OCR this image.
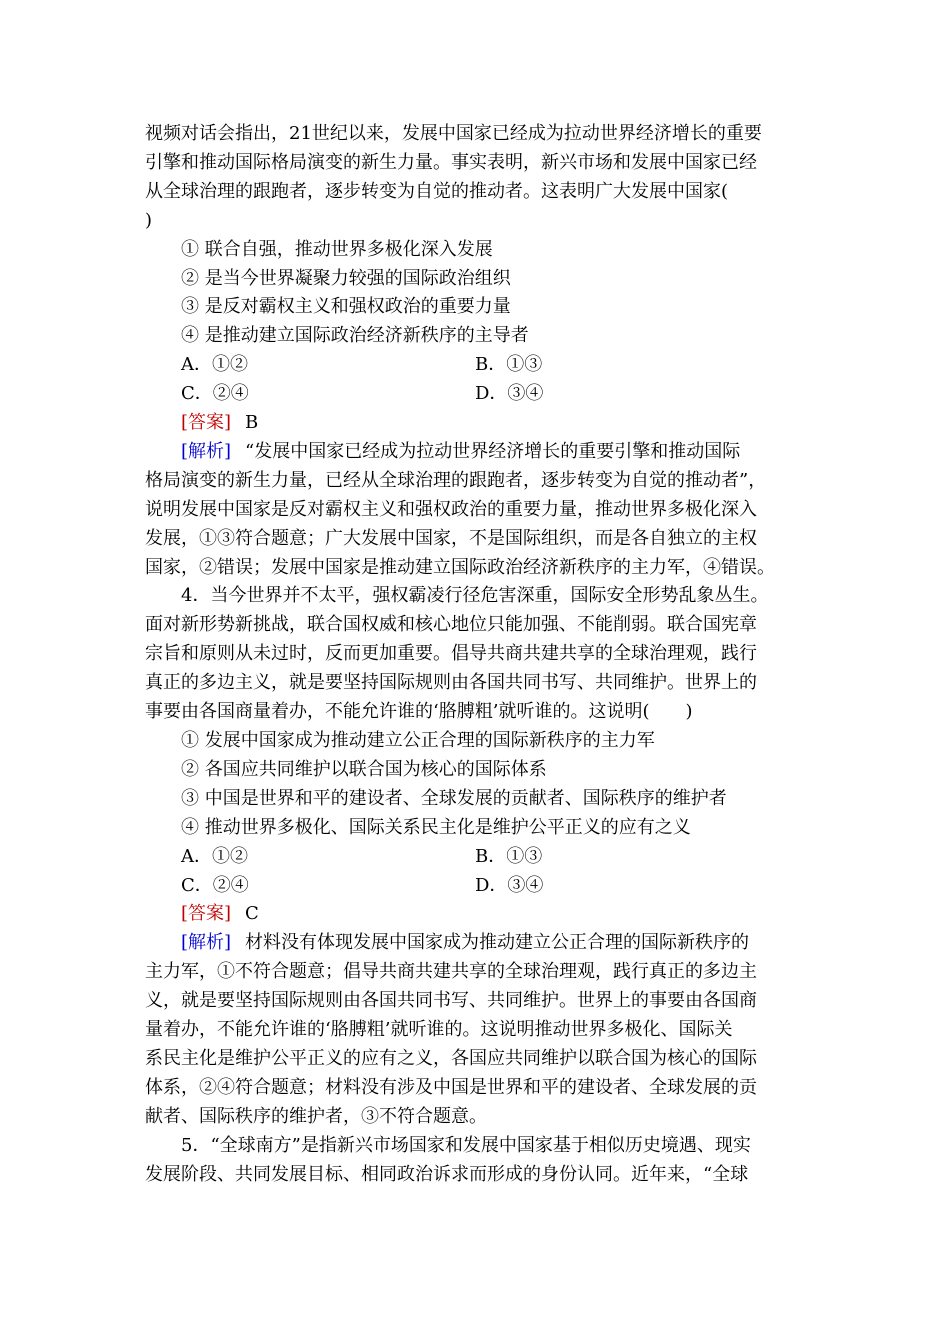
视频对话会指出，21世纪以来，发展中国家已经成为拉动世界经济增长的重要

引擎和推动国际格局演变的新生力量。事实表明，新兴市场和发展中国家已经

从全球治理的跟跑者，逐步转变为自觉的推动者。这表明广大发展中国家(

)

① 联合自强，推动世界多极化深入发展

② 是当今世界凝聚力较强的国际政治组织

③ 是反对霸权主义和强权政治的重要力量

④ 是推动建立国际政治经济新秩序的主导者

A．①②	B．①③
C．②④	D．③④

[答案] B

[解析] “发展中国家已经成为拉动世界经济增长的重要引擎和推动国际

格局演变的新生力量，已经从全球治理的跟跑者，逐步转变为自觉的推动者”，

说明发展中国家是反对霸权主义和强权政治的重要力量，推动世界多极化深入

发展，①③符合题意；广大发展中国家，不是国际组织，而是各自独立的主权

国家，②错误；发展中国家是推动建立国际政治经济新秩序的主力军，④错误。

4．当今世界并不太平，强权霸凌行径危害深重，国际安全形势乱象丛生。

面对新形势新挑战，联合国权威和核心地位只能加强、不能削弱。联合国宪章

宗旨和原则从未过时，反而更加重要。倡导共商共建共享的全球治理观，践行

真正的多边主义，就是要坚持国际规则由各国共同书写、共同维护。世界上的

事要由各国商量着办，不能允许谁的‘胳膊粗’就听谁的。这说明(　　)

① 发展中国家成为推动建立公正合理的国际新秩序的主力军

② 各国应共同维护以联合国为核心的国际体系

③ 中国是世界和平的建设者、全球发展的贡献者、国际秩序的维护者

④ 推动世界多极化、国际关系民主化是维护公平正义的应有之义

A．①②	B．①③
C．②④	D．③④

[答案] C

[解析] 材料没有体现发展中国家成为推动建立公正合理的国际新秩序的

主力军，①不符合题意；倡导共商共建共享的全球治理观，践行真正的多边主

义，就是要坚持国际规则由各国共同书写、共同维护。世界上的事要由各国商

量着办，不能允许谁的‘胳膊粗’就听谁的。这说明推动世界多极化、国际关

系民主化是维护公平正义的应有之义，各国应共同维护以联合国为核心的国际

体系，②④符合题意；材料没有涉及中国是世界和平的建设者、全球发展的贡

献者、国际秩序的维护者，③不符合题意。

5．“全球南方”是指新兴市场国家和发展中国家基于相似历史境遇、现实

发展阶段、共同发展目标、相同政治诉求而形成的身份认同。近年来，“全球
